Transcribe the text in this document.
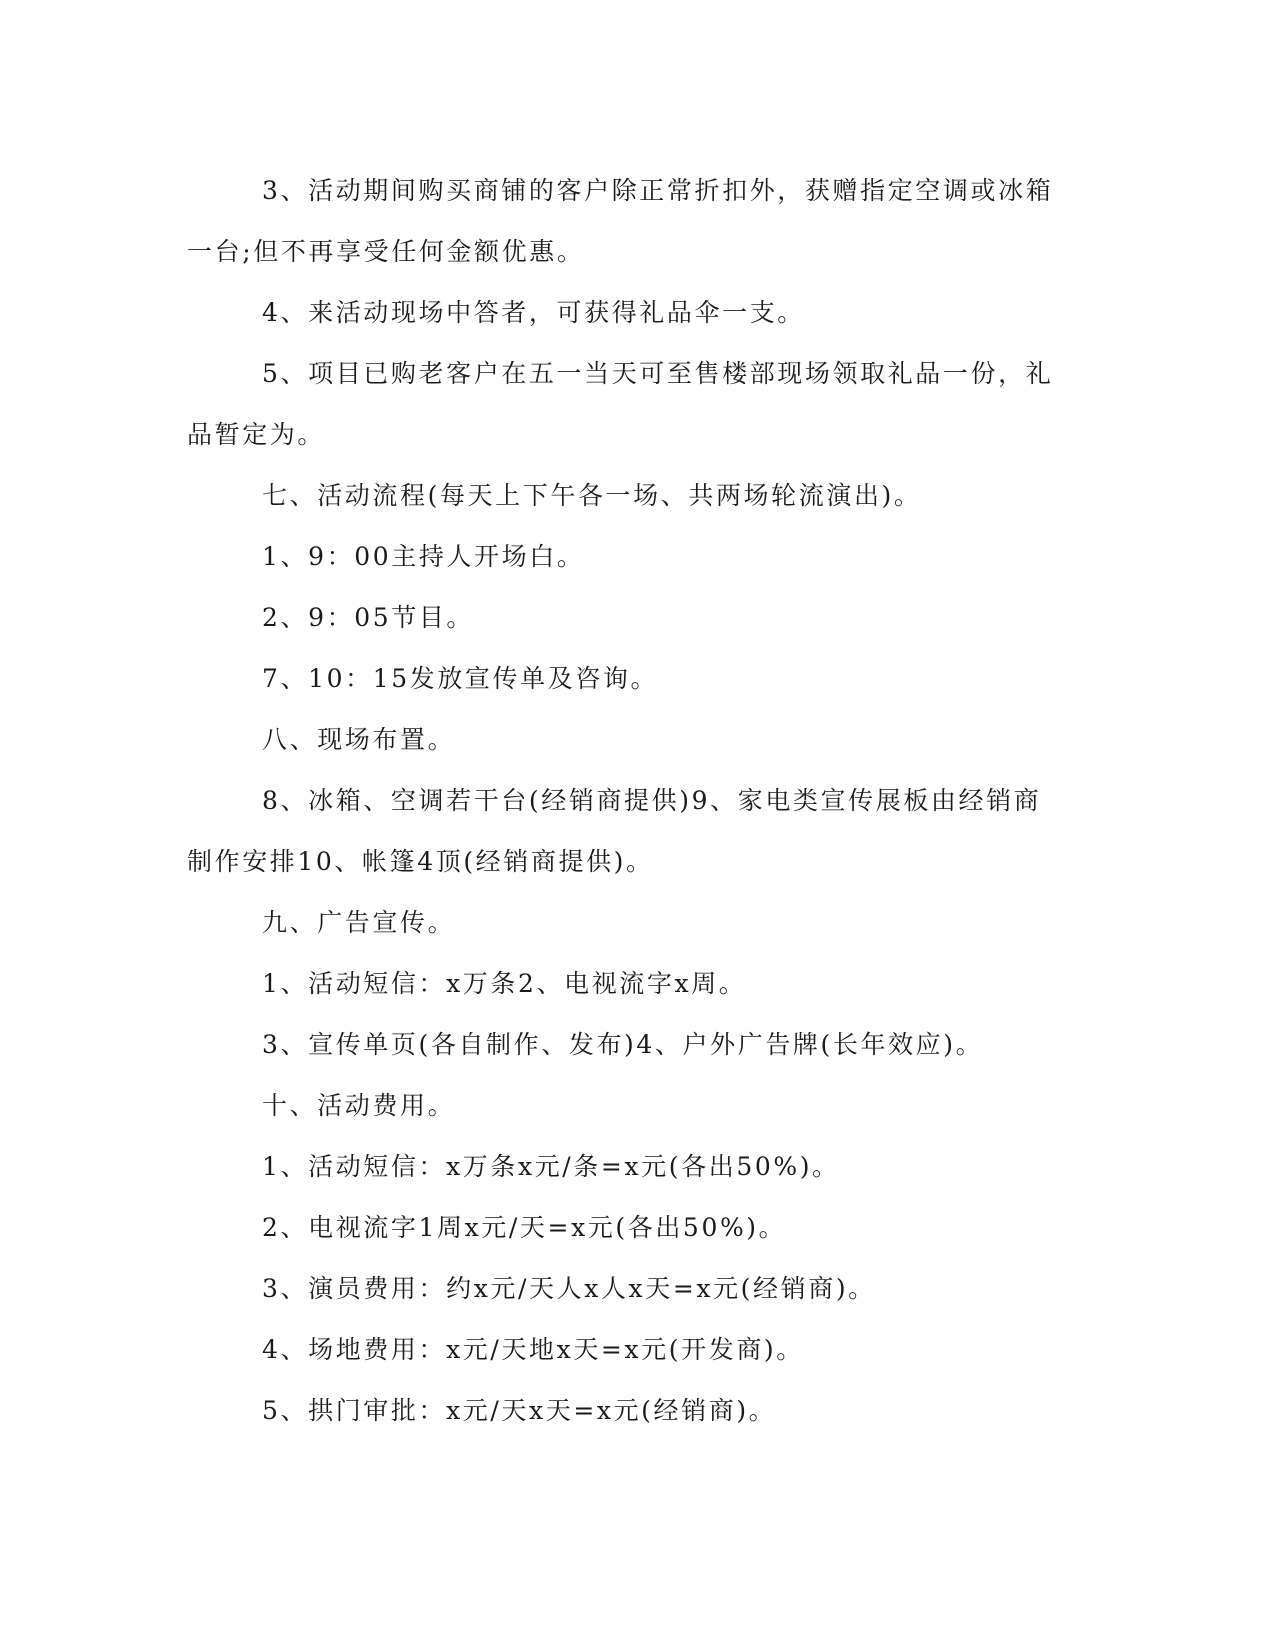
3、活动期间购买商铺的客户除正常折扣外，获赠指定空调或冰箱一台;但不再享受任何金额优惠。

4、来活动现场中答者，可获得礼品伞一支。

5、项目已购老客户在五一当天可至售楼部现场领取礼品一份，礼品暂定为。

七、活动流程(每天上下午各一场、共两场轮流演出)。

1、9：00主持人开场白。

2、9：05节目。

7、10：15发放宣传单及咨询。

八、现场布置。

8、冰箱、空调若干台(经销商提供)9、家电类宣传展板由经销商制作安排10、帐篷4顶(经销商提供)。

九、广告宣传。

1、活动短信：x万条2、电视流字x周。

3、宣传单页(各自制作、发布)4、户外广告牌(长年效应)。

十、活动费用。

1、活动短信：x万条x元/条=x元(各出50%)。

2、电视流字1周x元/天=x元(各出50%)。

3、演员费用：约x元/天人x人x天=x元(经销商)。

4、场地费用：x元/天地x天=x元(开发商)。

5、拱门审批：x元/天x天=x元(经销商)。
